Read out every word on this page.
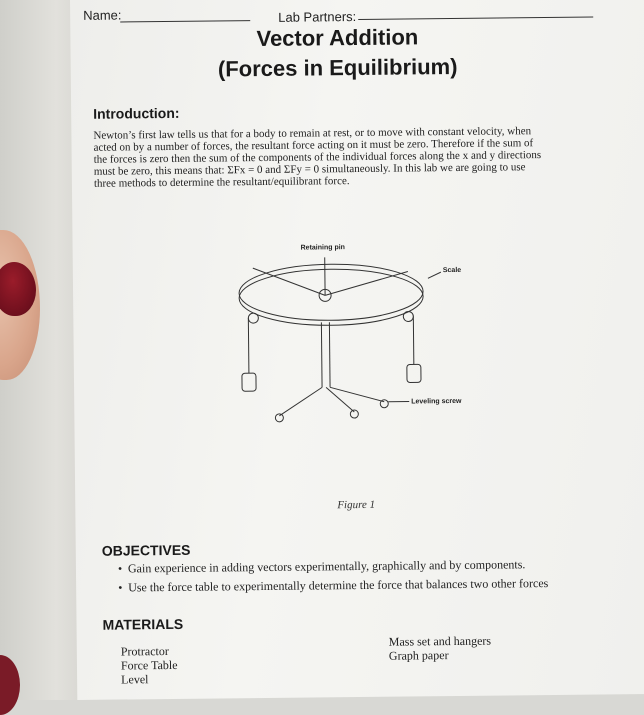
Name:	Lab Partners:
Vector Addition
(Forces in Equilibrium)
Introduction:

Newton’s first law tells us that for a body to remain at rest, or to move with constant velocity, when

acted on by a number of forces, the resultant force acting on it must be zero. Therefore if the sum of

the forces is zero then the sum of the components of the individual forces along the x and y directions

must be zero, this means that: ΣFx = 0 and ΣFy = 0 simultaneously. In this lab we are going to use

three methods to determine the resultant/equilibrant force.

Retaining pin
Scale
Leveling screw
Figure 1
OBJECTIVES
• Gain experience in adding vectors experimentally, graphically and by components.
• Use the force table to experimentally determine the force that balances two other forces
MATERIALS
Protractor
Force Table
Level
Mass set and hangers
Graph paper
